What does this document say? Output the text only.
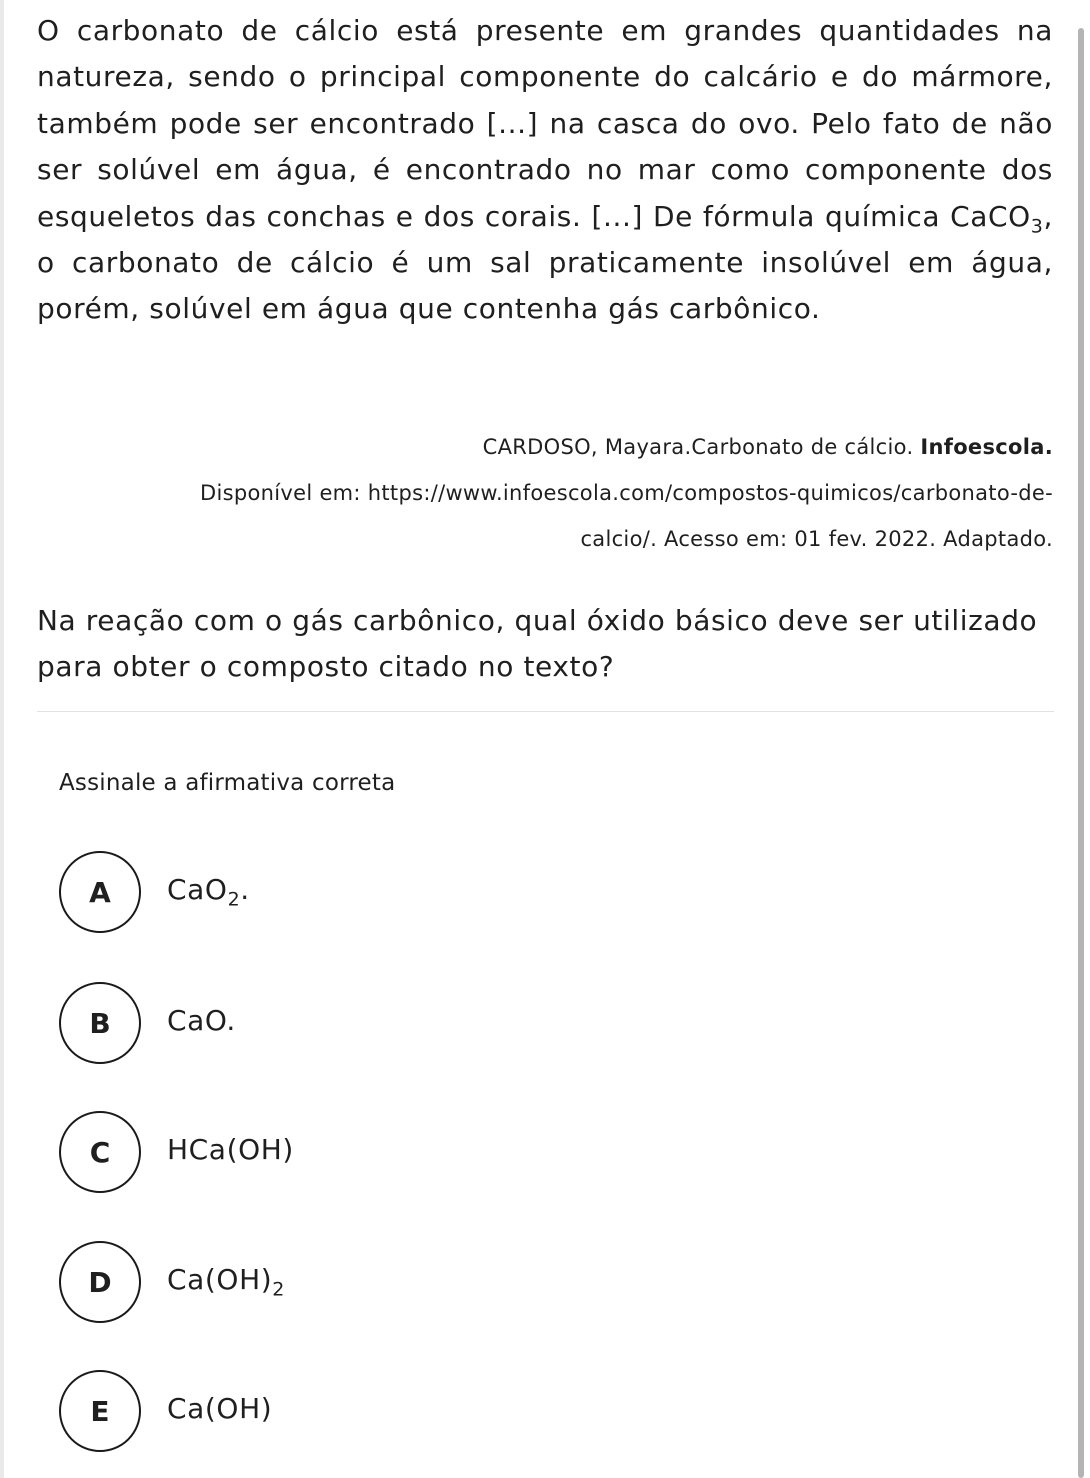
O carbonato de cálcio está presente em grandes quantidades na natureza, sendo o principal componente do calcário e do mármore, também pode ser encontrado [...] na casca do ovo. Pelo fato de não ser solúvel em água, é encontrado no mar como componente dos esqueletos das conchas e dos corais. [...] De fórmula química CaCO$_3$, o carbonato de cálcio é um sal praticamente insolúvel em água, porém, solúvel em água que contenha gás carbônico.

CARDOSO, Mayara.Carbonato de cálcio. Infoescola.
Disponível em: https://www.infoescola.com/compostos-quimicos/carbonato-de-
calcio/. Acesso em: 01 fev. 2022. Adaptado.

Na reação com o gás carbônico, qual óxido básico deve ser utilizado para obter o composto citado no texto?

Assinale a afirmativa correta

A	CaO$_2$.
B	CaO.
C	HCa(OH)
D	$Ca(OH)_2$
E	Ca(OH)
